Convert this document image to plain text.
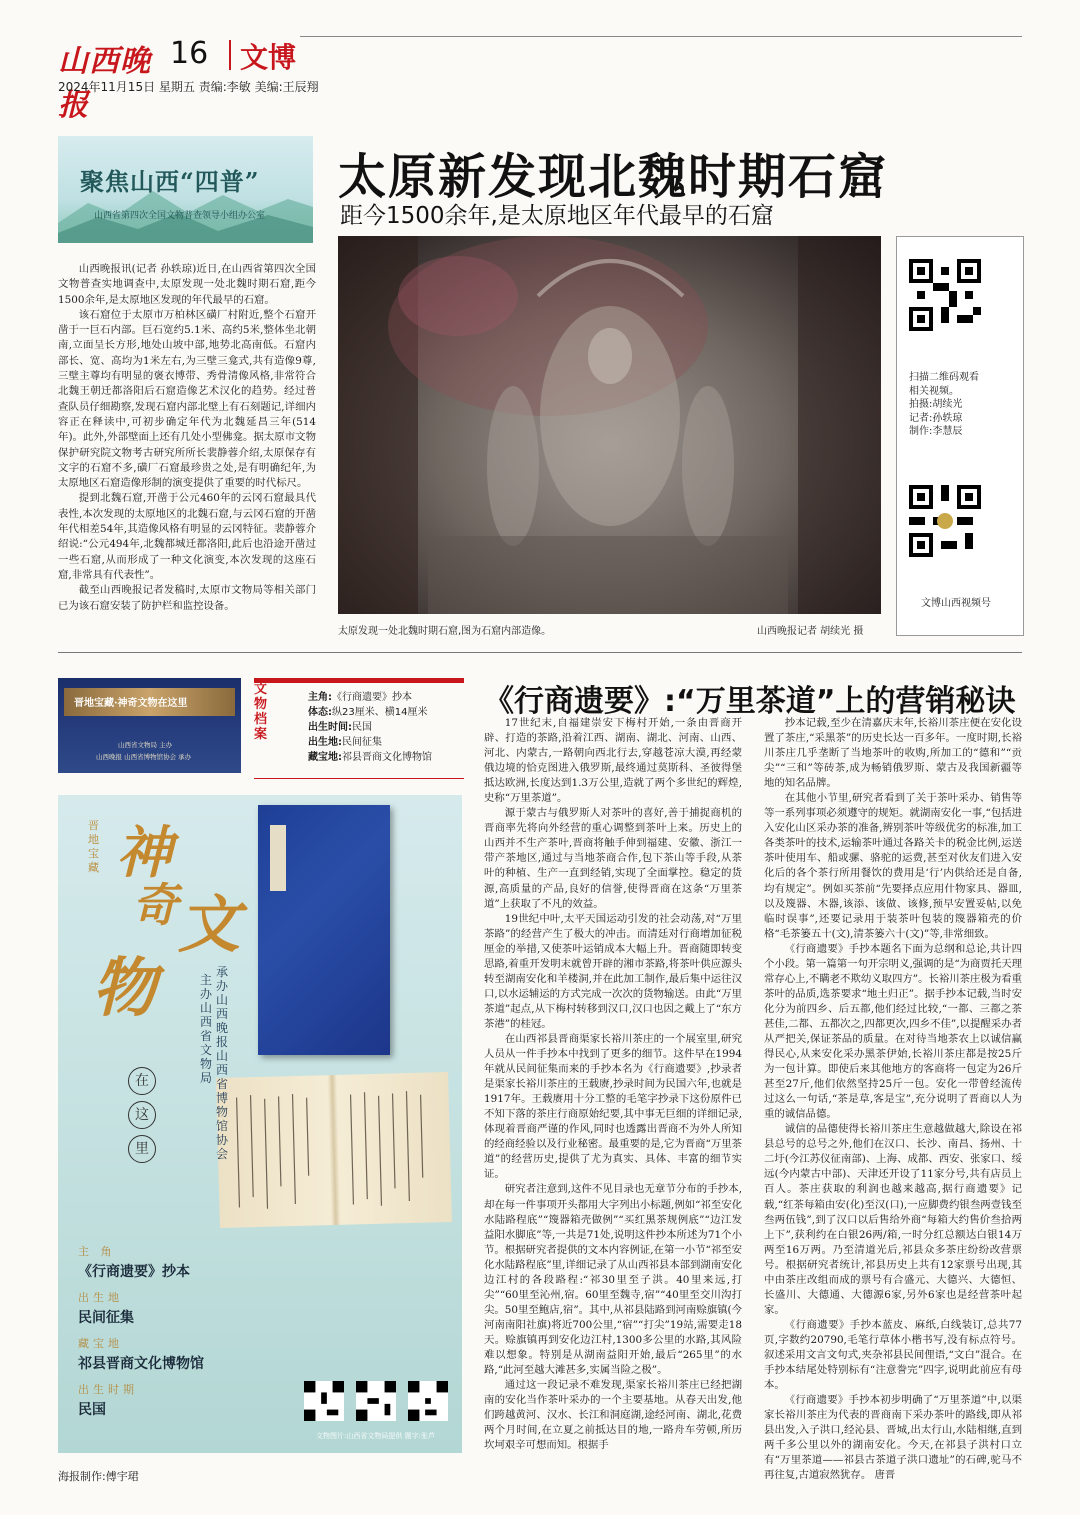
山西晚报
16 文博
2024年11月15日 星期五 责编:李敏 美编:王辰翔
聚焦山西“四普”
山西省第四次全国文物普查领导小组办公室
太原新发现北魏时期石窟
距今1500余年,是太原地区年代最早的石窟

山西晚报讯(记者 孙轶琼)近日,在山西省第四次全国文物普查实地调查中,太原发现一处北魏时期石窟,距今1500余年,是太原地区发现的年代最早的石窟。

该石窟位于太原市万柏林区磺厂村附近,整个石窟开凿于一巨石内部。巨石宽约5.1米、高约5米,整体坐北朝南,立面呈长方形,地处山坡中部,地势北高南低。石窟内部长、宽、高均为1米左右,为三壁三龛式,共有造像9尊,三壁主尊均有明显的褒衣博带、秀骨清像风格,非常符合北魏王朝迁都洛阳后石窟造像艺术汉化的趋势。经过普查队员仔细勘察,发现石窟内部北壁上有石刻题记,详细内容正在释读中,可初步确定年代为北魏延昌三年(514年)。此外,外部壁面上还有几处小型佛龛。据太原市文物保护研究院文物考古研究所所长裴静蓉介绍,太原保存有文字的石窟不多,磺厂石窟最珍贵之处,是有明确纪年,为太原地区石窟造像形制的演变提供了重要的时代标尺。

提到北魏石窟,开凿于公元460年的云冈石窟最具代表性,本次发现的太原地区的北魏石窟,与云冈石窟的开凿年代相差54年,其造像风格有明显的云冈特征。裴静蓉介绍说:“公元494年,北魏都城迁都洛阳,此后也沿途开凿过一些石窟,从而形成了一种文化演变,本次发现的这座石窟,非常具有代表性”。

截至山西晚报记者发稿时,太原市文物局等相关部门已为该石窟安装了防护栏和监控设备。

太原发现一处北魏时期石窟,图为石窟内部造像。	山西晚报记者 胡续光 摄
扫描二维码观看
相关视频。
拍摄:胡续光
记者:孙轶琼
制作:李慧辰
文博山西视频号
晋地宝藏·神奇文物在这里
山西省文物局 主办
山西晚报 山西省博物馆协会 承办
文物档案
主角:《行商遗要》抄本
体态:纵23厘米、横14厘米
出生时间:民国
出生地:民间征集
藏宝地:祁县晋商文化博物馆
《行商遗要》:“万里茶道”上的营销秘诀
晋地宝藏 神
奇 文
物	主办 山西省文物局
承办 山西晚报 山西省博物馆协会
在
这
里
主 角
《行商遗要》抄本
出生地
民间征集
藏宝地
祁县晋商文化博物馆
出生时期
民国
文物图片:山西省文物局提供 题字:张芦
海报制作:傅宇珺

17世纪末,自福建崇安下梅村开始,一条由晋商开辟、打造的茶路,沿着江西、湖南、湖北、河南、山西、河北、内蒙古,一路朝向西北行去,穿越苍凉大漠,再经蒙俄边境的恰克图进入俄罗斯,最终通过莫斯科、圣彼得堡抵达欧洲,长度达到1.3万公里,造就了两个多世纪的辉煌,史称“万里茶道”。

源于蒙古与俄罗斯人对茶叶的喜好,善于捕捉商机的晋商率先将向外经营的重心调整到茶叶上来。历史上的山西并不生产茶叶,晋商将触手伸到福建、安徽、浙江一带产茶地区,通过与当地茶商合作,包下茶山等手段,从茶叶的种植、生产一直到经销,实现了全面掌控。稳定的货源,高质量的产品,良好的信誉,使得晋商在这条“万里茶道”上获取了不凡的效益。

19世纪中叶,太平天国运动引发的社会动荡,对“万里茶路”的经营产生了极大的冲击。而清廷对行商增加征税厘金的举措,又使茶叶运销成本大幅上升。晋商随即转变思路,着重开发明末就曾开辟的湘市茶路,将茶叶供应源头转至湖南安化和羊楼洞,并在此加工制作,最后集中运往汉口,以水运辅运的方式完成一次次的货物输送。由此“万里茶道”起点,从下梅村转移到汉口,汉口也因之戴上了“东方茶港”的桂冠。

在山西祁县晋商渠家长裕川茶庄的一个展室里,研究人员从一件手抄本中找到了更多的细节。这件早在1994年就从民间征集而来的手抄本名为《行商遗要》,抄录者是渠家长裕川茶庄的王载赓,抄录时间为民国六年,也就是1917年。王载赓用十分工整的毛笔字抄录下这份原件已不知下落的茶庄行商原始纪要,其中事无巨细的详细记录,体现着晋商严谨的作风,同时也透露出晋商不为外人所知的经商经验以及行业秘密。最重要的是,它为晋商“万里茶道”的经营历史,提供了尤为真实、具体、丰富的细节实证。

研究者注意到,这件不见目录也无章节分布的手抄本,却在每一件事项开头都用大字列出小标题,例如“祁至安化水陆路程底”“篾器箱壳做例”“买红黑茶规例底”“边江发益阳水脚底”等,一共是71处,说明这件抄本所述为71个小节。根据研究者提供的文本内容例证,在第一小节“祁至安化水陆路程底”里,详细记录了从山西祁县本部到湖南安化边江村的各段路程:“祁30里至子洪。40里来远,打尖”“60里至沁州,宿。60里至魏寺,宿”“40里至交川沟打尖。50里至鲍店,宿”。其中,从祁县陆路到河南赊旗镇(今河南南阳社旗)将近700公里,“宿”“打尖”19站,需要走18天。赊旗镇再到安化边江村,1300多公里的水路,其风险难以想象。特别是从湖南益阳开始,最后“265里”的水路,“此河至越大滩甚多,实属当险之极”。

通过这一段记录不难发现,渠家长裕川茶庄已经把湖南的安化当作茶叶采办的一个主要基地。从春天出发,他们跨越黄河、汉水、长江和洞庭湖,途经河南、湖北,花费两个月时间,在立夏之前抵达目的地,一路舟车劳顿,所历坎坷艰辛可想而知。根据手

抄本记载,至少在清嘉庆末年,长裕川茶庄便在安化设置了茶庄,“采黑茶”的历史长达一百多年。一度时期,长裕川茶庄几乎垄断了当地茶叶的收购,所加工的“德和”“贡尖”“三和”等砖茶,成为畅销俄罗斯、蒙古及我国新疆等地的知名品牌。

在其他小节里,研究者看到了关于茶叶采办、销售等等一系列事项必须遵守的规矩。就湖南安化一事,“包括进入安化山区采办茶的准备,辨别茶叶等级优劣的标准,加工各类茶叶的技术,运输茶叶通过各路关卡的税金比例,运送茶叶使用车、船或骡、骆驼的运费,甚至对伙友们进入安化后的各个茶行所用餐饮的费用是‘行’内供给还是自备,均有规定”。例如买茶前“先要择点应用什物家具、器皿,以及篾器、木器,该添、该做、该修,预早安置妥帖,以免临时误事”,还要记录用于装茶叶包装的篾器箱壳的价格“毛茶篓五十(文),清茶篓六十(文)”等,非常细致。

《行商遗要》手抄本题名下面为总纲和总论,共计四个小段。第一篇第一句开宗明义,强调的是“为商贾托天理常存心上,不瞒老不欺幼义取四方”。长裕川茶庄极为看重茶叶的品质,选茶要求“地土归正”。据手抄本记载,当时安化分为前四乡、后五都,他们经过比较,“一都、三都之茶甚佳,二都、五都次之,四都更次,四乡不佳”,以提醒采办者从严把关,保证茶品的质量。在对待当地茶农上以诚信赢得民心,从来安化采办黑茶伊始,长裕川茶庄都是按25斤为一包计算。即使后来其他地方的客商将一包定为26斤甚至27斤,他们依然坚持25斤一包。安化一带曾经流传过这么一句话,“茶是草,客是宝”,充分说明了晋商以人为重的诚信品德。

诚信的品德使得长裕川茶庄生意越做越大,除设在祁县总号的总号之外,他们在汉口、长沙、南昌、扬州、十二圩(今江苏仪征南部)、上海、成都、西安、张家口、绥远(今内蒙古中部)、天津还开设了11家分号,共有店员上百人。茶庄获取的利润也越来越高,据行商遗要》记载,“红茶每箱由安(化)至汉(口),一应脚费约银叁两壹钱至叁两伍钱”,到了汉口以后售给外商“每箱大约售价叁拾两上下”,获利约在白银26两/箱,一时分红总额达白银14万两至16万两。乃至清道光后,祁县众多茶庄纷纷改营票号。根据研究者统计,祁县历史上共有12家票号出现,其中由茶庄改组而成的票号有合盛元、大德兴、大德恒、长盛川、大德通、大德源6家,另外6家也是经营茶叶起家。

《行商遗要》手抄本蓝皮、麻纸,白线装订,总共77页,字数约20790,毛笔行草体小楷书写,没有标点符号。叙述采用文言文句式,夹杂祁县民间俚语,“文白”混合。在手抄本结尾处特别标有“注意誊完”四字,说明此前应有母本。

《行商遗要》手抄本初步明确了“万里茶道”中,以渠家长裕川茶庄为代表的晋商南下采办茶叶的路线,即从祁县出发,入子洪口,经沁县、晋城,出太行山,水陆相继,直到两千多公里以外的湖南安化。今天,在祁县子洪村口立有“万里茶道——祁县古茶道子洪口遗址”的石碑,驼马不再往复,古道寂然犹存。 唐晋
